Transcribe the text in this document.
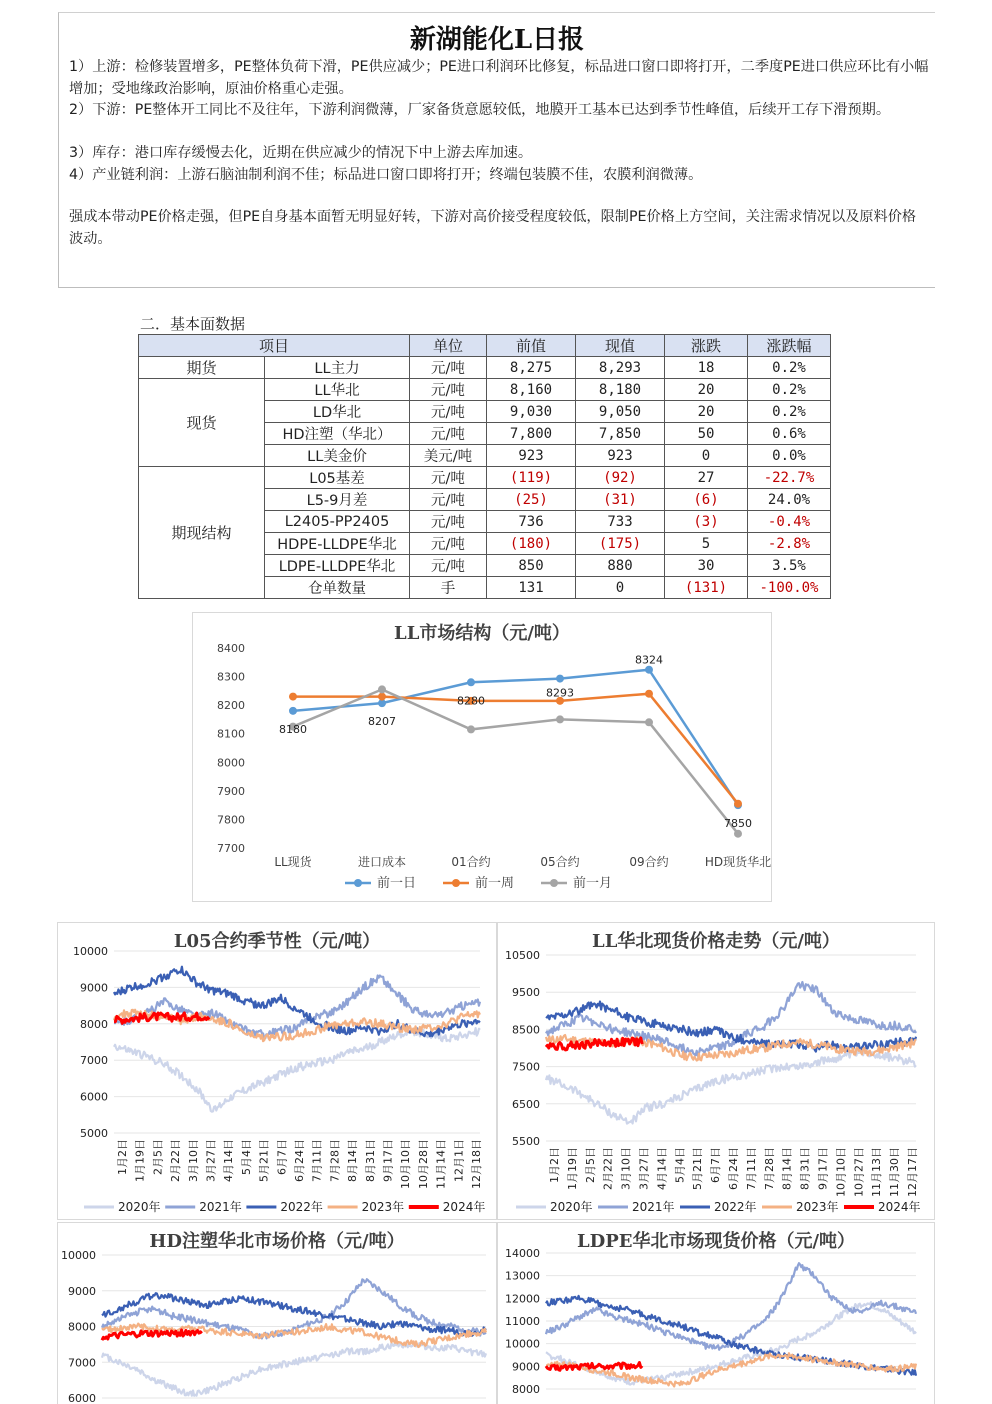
新湖能化L日报
1）上游：检修装置增多，PE整体负荷下滑，PE供应减少；PE进口利润环比修复，标品进口窗口即将打开，二季度PE进口供应环比有小幅增加；受地缘政治影响，原油价格重心走强。
2）下游：PE整体开工同比不及往年，下游利润微薄，厂家备货意愿较低，地膜开工基本已达到季节性峰值，后续开工存下滑预期。
3）库存：港口库存缓慢去化，近期在供应减少的情况下中上游去库加速。
4）产业链利润：上游石脑油制利润不佳；标品进口窗口即将打开；终端包装膜不佳，农膜利润微薄。
强成本带动PE价格走强，但PE自身基本面暂无明显好转，下游对高价接受程度较低，限制PE价格上方空间，关注需求情况以及原料价格波动。
二．基本面数据
项目		单位	前值	现值	涨跌	涨跌幅
期货	LL主力	元/吨	8,275	8,293	18	0.2%
现货	LL华北	元/吨	8,160	8,180	20	0.2%
	LD华北	元/吨	9,030	9,050	20	0.2%
	HD注塑（华北）	元/吨	7,800	7,850	50	0.6%
	LL美金价	美元/吨	923	923	0	0.0%
期现结构	L05基差	元/吨	(119)	(92)	27	-22.7%
	L5-9月差	元/吨	(25)	(31)	(6)	24.0%
	L2405-PP2405	元/吨	736	733	(3)	-0.4%
	HDPE-LLDPE华北	元/吨	(180)	(175)	5	-2.8%
	LDPE-LLDPE华北	元/吨	850	880	30	3.5%
	仓单数量	手	131	0	(131)	-100.0%
LL市场结构（元/吨）
7700
7800
7900
8000
8100
8200
8300
8400
LL现货	进口成本	01合约	05合约	09合约	HD现货华北
8180
8207
8280
8293
8324
7850
前一日	前一周	前一月
L05合约季节性（元/吨）
5000
6000
7000
8000
9000
10000
1月2日 1月19日 2月5日 2月22日 3月10日 3月27日 4月14日 5月4日 5月21日 6月7日 6月24日 7月11日 7月28日 8月14日 8月31日 9月17日 10月10日 10月28日 11月14日 12月1日 12月18日
2020年	2021年	2022年	2023年	2024年
LL华北现货价格走势（元/吨）
5500
6500
7500
8500
9500
10500
1月2日 1月19日 2月5日 2月22日 3月10日 3月27日 4月14日 5月4日 5月21日 6月7日 6月24日 7月11日 7月28日 8月14日 8月31日 9月17日 10月10日 10月27日 11月13日 11月30日 12月17日
2020年	2021年	2022年	2023年	2024年
HD注塑华北市场价格（元/吨）
6000
7000
8000
9000
10000
LDPE华北市场现货价格（元/吨）
8000
9000
10000
11000
12000
13000
14000
